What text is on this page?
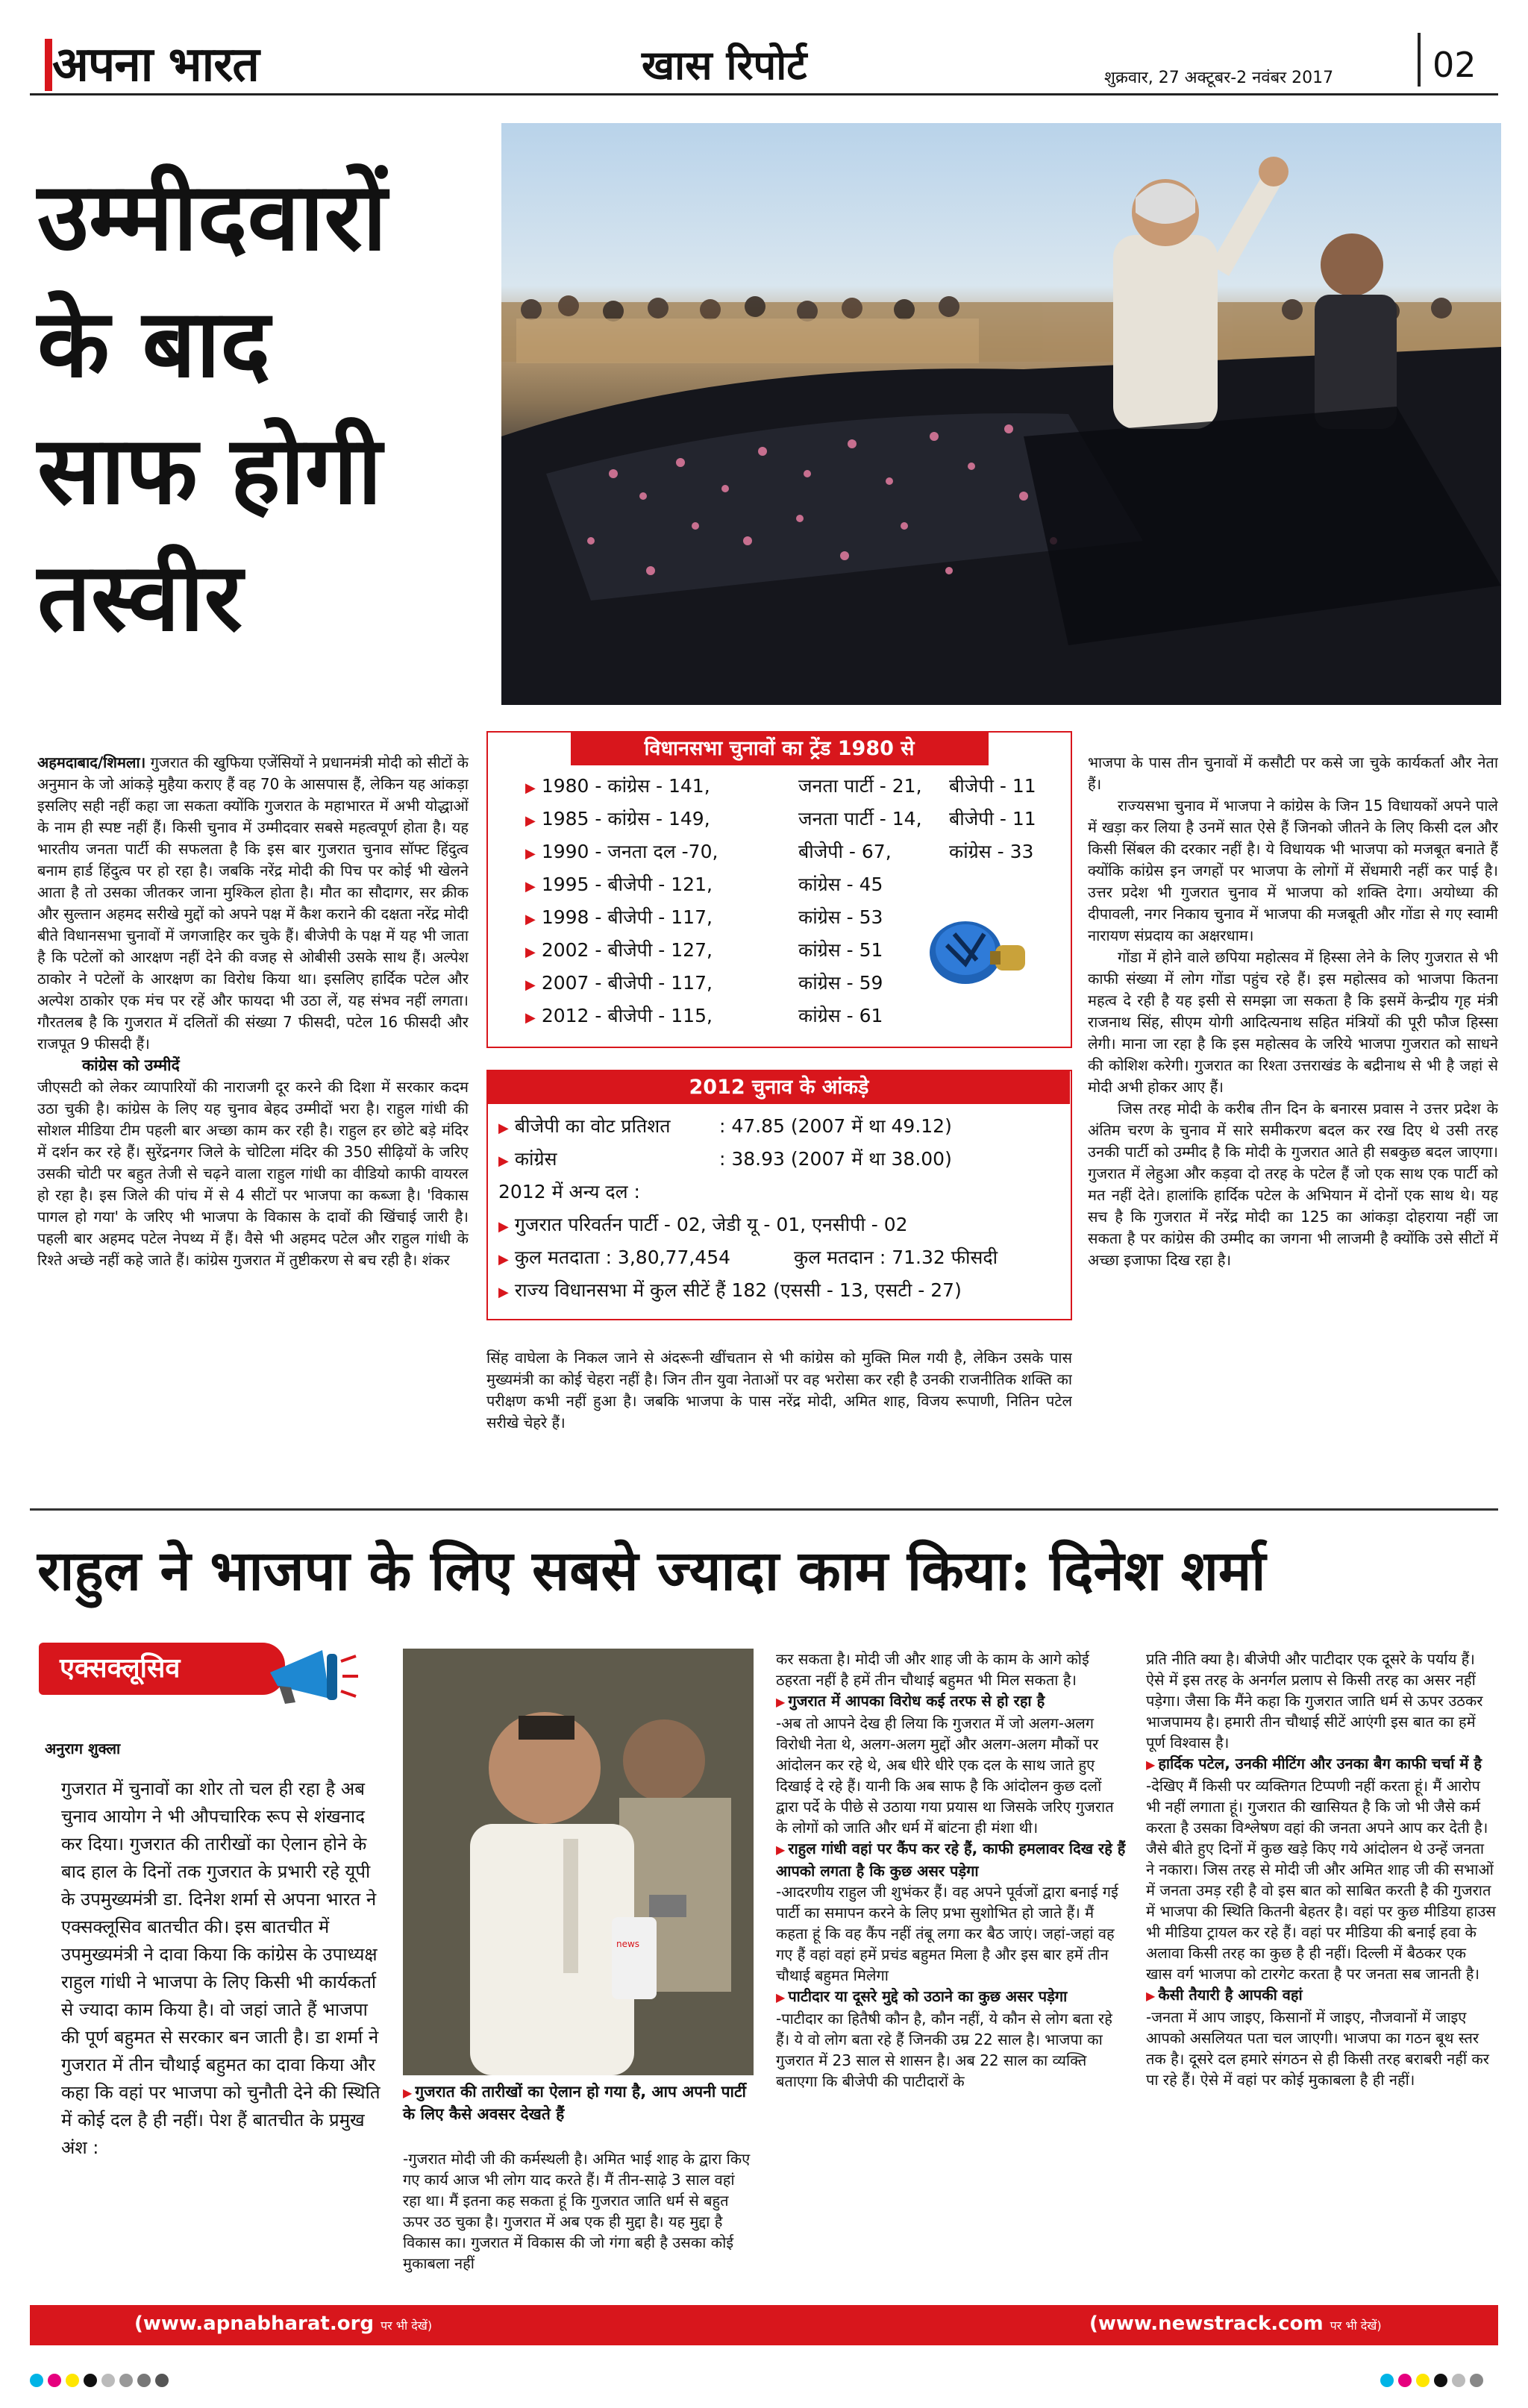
अपना भारत	खास रिपोर्ट	शुक्रवार, 27 अक्टूबर-2 नवंबर 2017	02
उम्मीदवारों
के बाद
साफ होगी
तस्वीर

अहमदाबाद/शिमला। गुजरात की खुफिया एजेंसियों ने प्रधानमंत्री मोदी को सीटों के अनुमान के जो आंकड़े मुहैया कराए हैं वह 70 के आसपास हैं, लेकिन यह आंकड़ा इसलिए सही नहीं कहा जा सकता क्योंकि गुजरात के महाभारत में अभी योद्धाओं के नाम ही स्पष्ट नहीं हैं। किसी चुनाव में उम्मीदवार सबसे महत्वपूर्ण होता है। यह भारतीय जनता पार्टी की सफलता है कि इस बार गुजरात चुनाव सॉफ्ट हिंदुत्व बनाम हार्ड हिंदुत्व पर हो रहा है। जबकि नरेंद्र मोदी की पिच पर कोई भी खेलने आता है तो उसका जीतकर जाना मुश्किल होता है। मौत का सौदागर, सर क्रीक और सुल्तान अहमद सरीखे मुद्दों को अपने पक्ष में कैश कराने की दक्षता नरेंद्र मोदी बीते विधानसभा चुनावों में जगजाहिर कर चुके हैं। बीजेपी के पक्ष में यह भी जाता है कि पटेलों को आरक्षण नहीं देने की वजह से ओबीसी उसके साथ हैं। अल्पेश ठाकोर ने पटेलों के आरक्षण का विरोध किया था। इसलिए हार्दिक पटेल और अल्पेश ठाकोर एक मंच पर रहें और फायदा भी उठा लें, यह संभव नहीं लगता। गौरतलब है कि गुजरात में दलितों की संख्या 7 फीसदी, पटेल 16 फीसदी और राजपूत 9 फीसदी हैं।

कांग्रेस को उम्मीदें

जीएसटी को लेकर व्यापारियों की नाराजगी दूर करने की दिशा में सरकार कदम उठा चुकी है। कांग्रेस के लिए यह चुनाव बेहद उम्मीदों भरा है। राहुल गांधी की सोशल मीडिया टीम पहली बार अच्छा काम कर रही है। राहुल हर छोटे बड़े मंदिर में दर्शन कर रहे हैं। सुरेंद्रनगर जिले के चोटिला मंदिर की 350 सीढ़ियों के जरिए उसकी चोटी पर बहुत तेजी से चढ़ने वाला राहुल गांधी का वीडियो काफी वायरल हो रहा है। इस जिले की पांच में से 4 सीटों पर भाजपा का कब्जा है। 'विकास पागल हो गया' के जरिए भी भाजपा के विकास के दावों की खिंचाई जारी है। पहली बार अहमद पटेल नेपथ्य में हैं। वैसे भी अहमद पटेल और राहुल गांधी के रिश्ते अच्छे नहीं कहे जाते हैं। कांग्रेस गुजरात में तुष्टीकरण से बच रही है। शंकर

विधानसभा चुनावों का ट्रेंड 1980 से
▶ 1980 - कांग्रेस - 141,	जनता पार्टी - 21, बीजेपी - 11
▶ 1985 - कांग्रेस - 149,	जनता पार्टी - 14, बीजेपी - 11
▶ 1990 - जनता दल -70,	बीजेपी - 67,	कांग्रेस - 33
▶ 1995 - बीजेपी - 121,	कांग्रेस - 45
▶ 1998 - बीजेपी - 117,	कांग्रेस - 53
▶ 2002 - बीजेपी - 127,	कांग्रेस - 51
▶ 2007 - बीजेपी - 117,	कांग्रेस - 59
▶ 2012 - बीजेपी - 115,	कांग्रेस - 61
2012 चुनाव के आंकड़े
▶ बीजेपी का वोट प्रतिशत	: 47.85 (2007 में था 49.12)
▶ कांग्रेस	: 38.93 (2007 में था 38.00)
2012 में अन्य दल :
▶ गुजरात परिवर्तन पार्टी - 02, जेडी यू - 01, एनसीपी - 02
▶ कुल मतदाता : 3,80,77,454	कुल मतदान : 71.32 फीसदी
▶ राज्य विधानसभा में कुल सीटें हैं 182 (एससी - 13, एसटी - 27)

सिंह वाघेला के निकल जाने से अंदरूनी खींचतान से भी कांग्रेस को मुक्ति मिल गयी है, लेकिन उसके पास मुख्यमंत्री का कोई चेहरा नहीं है। जिन तीन युवा नेताओं पर वह भरोसा कर रही है उनकी राजनीतिक शक्ति का परीक्षण कभी नहीं हुआ है। जबकि भाजपा के पास नरेंद्र मोदी, अमित शाह, विजय रूपाणी, नितिन पटेल सरीखे चेहरे हैं।

भाजपा के पास तीन चुनावों में कसौटी पर कसे जा चुके कार्यकर्ता और नेता हैं।

राज्यसभा चुनाव में भाजपा ने कांग्रेस के जिन 15 विधायकों अपने पाले में खड़ा कर लिया है उनमें सात ऐसे हैं जिनको जीतने के लिए किसी दल और किसी सिंबल की दरकार नहीं है। ये विधायक भी भाजपा को मजबूत बनाते हैं क्योंकि कांग्रेस इन जगहों पर भाजपा के लोगों में सेंधमारी नहीं कर पाई है। उत्तर प्रदेश भी गुजरात चुनाव में भाजपा को शक्ति देगा। अयोध्या की दीपावली, नगर निकाय चुनाव में भाजपा की मजबूती और गोंडा से गए स्वामी नारायण संप्रदाय का अक्षरधाम।

गोंडा में होने वाले छपिया महोत्सव में हिस्सा लेने के लिए गुजरात से भी काफी संख्या में लोग गोंडा पहुंच रहे हैं। इस महोत्सव को भाजपा कितना महत्व दे रही है यह इसी से समझा जा सकता है कि इसमें केन्द्रीय गृह मंत्री राजनाथ सिंह, सीएम योगी आदित्यनाथ सहित मंत्रियों की पूरी फौज हिस्सा लेगी। माना जा रहा है कि इस महोत्सव के जरिये भाजपा गुजरात को साधने की कोशिश करेगी। गुजरात का रिश्ता उत्तराखंड के बद्रीनाथ से भी है जहां से मोदी अभी होकर आए हैं।

जिस तरह मोदी के करीब तीन दिन के बनारस प्रवास ने उत्तर प्रदेश के अंतिम चरण के चुनाव में सारे समीकरण बदल कर रख दिए थे उसी तरह उनकी पार्टी को उम्मीद है कि मोदी के गुजरात आते ही सबकुछ बदल जाएगा। गुजरात में लेहुआ और कड़वा दो तरह के पटेल हैं जो एक साथ एक पार्टी को मत नहीं देते। हालांकि हार्दिक पटेल के अभियान में दोनों एक साथ थे। यह सच है कि गुजरात में नरेंद्र मोदी का 125 का आंकड़ा दोहराया नहीं जा सकता है पर कांग्रेस की उम्मीद का जगना भी लाजमी है क्योंकि उसे सीटों में अच्छा इजाफा दिख रहा है।

राहुल ने भाजपा के लिए सबसे ज्यादा काम किया: दिनेश शर्मा
एक्सक्लूसिव
अनुराग शुक्ला

गुजरात में चुनावों का शोर तो चल ही रहा है अब चुनाव आयोग ने भी औपचारिक रूप से शंखनाद कर दिया। गुजरात की तारीखों का ऐलान होने के बाद हाल के दिनों तक गुजरात के प्रभारी रहे यूपी के उपमुख्यमंत्री डा. दिनेश शर्मा से अपना भारत ने एक्सक्लूसिव बातचीत की। इस बातचीत में उपमुख्यमंत्री ने दावा किया कि कांग्रेस के उपाध्यक्ष राहुल गांधी ने भाजपा के लिए किसी भी कार्यकर्ता से ज्यादा काम किया है। वो जहां जाते हैं भाजपा की पूर्ण बहुमत से सरकार बन जाती है। डा शर्मा ने गुजरात में तीन चौथाई बहुमत का दावा किया और कहा कि वहां पर भाजपा को चुनौती देने की स्थिति में कोई दल है ही नहीं। पेश हैं बातचीत के प्रमुख अंश :

news
▶ गुजरात की तारीखों का ऐलान हो गया है, आप अपनी पार्टी के लिए कैसे अवसर देखते हैं

-गुजरात मोदी जी की कर्मस्थली है। अमित भाई शाह के द्वारा किए गए कार्य आज भी लोग याद करते हैं। मैं तीन-साढ़े 3 साल वहां रहा था। मैं इतना कह सकता हूं कि गुजरात जाति धर्म से बहुत ऊपर उठ चुका है। गुजरात में अब एक ही मुद्दा है। यह मुद्दा है विकास का। गुजरात में विकास की जो गंगा बही है उसका कोई मुकाबला नहीं

कर सकता है। मोदी जी और शाह जी के काम के आगे कोई ठहरता नहीं है हमें तीन चौथाई बहुमत भी मिल सकता है।

▶ गुजरात में आपका विरोध कई तरफ से हो रहा है

-अब तो आपने देख ही लिया कि गुजरात में जो अलग-अलग विरोधी नेता थे, अलग-अलग मुद्दों और अलग-अलग मौकों पर आंदोलन कर रहे थे, अब धीरे धीरे एक दल के साथ जाते हुए दिखाई दे रहे हैं। यानी कि अब साफ है कि आंदोलन कुछ दलों द्वारा पर्दे के पीछे से उठाया गया प्रयास था जिसके जरिए गुजरात के लोगों को जाति और धर्म में बांटना ही मंशा थी।

▶ राहुल गांधी वहां पर कैंप कर रहे हैं, काफी हमलावर दिख रहे हैं आपको लगता है कि कुछ असर पड़ेगा

-आदरणीय राहुल जी शुभंकर हैं। वह अपने पूर्वजों द्वारा बनाई गई पार्टी का समापन करने के लिए प्रभा सुशोभित हो जाते हैं। मैं कहता हूं कि वह कैंप नहीं तंबू लगा कर बैठ जाएं। जहां-जहां वह गए हैं वहां वहां हमें प्रचंड बहुमत मिला है और इस बार हमें तीन चौथाई बहुमत मिलेगा

▶ पाटीदार या दूसरे मुद्दे को उठाने का कुछ असर पड़ेगा

-पाटीदार का हितैषी कौन है, कौन नहीं, ये कौन से लोग बता रहे हैं। ये वो लोग बता रहे हैं जिनकी उम्र 22 साल है। भाजपा का गुजरात में 23 साल से शासन है। अब 22 साल का व्यक्ति बताएगा कि बीजेपी की पाटीदारों के

प्रति नीति क्या है। बीजेपी और पाटीदार एक दूसरे के पर्याय हैं। ऐसे में इस तरह के अनर्गल प्रलाप से किसी तरह का असर नहीं पड़ेगा। जैसा कि मैंने कहा कि गुजरात जाति धर्म से ऊपर उठकर भाजपामय है। हमारी तीन चौथाई सीटें आएंगी इस बात का हमें पूर्ण विश्वास है।

▶ हार्दिक पटेल, उनकी मीटिंग और उनका बैग काफी चर्चा में है

-देखिए मैं किसी पर व्यक्तिगत टिप्पणी नहीं करता हूं। मैं आरोप भी नहीं लगाता हूं। गुजरात की खासियत है कि जो भी जैसे कर्म करता है उसका विश्लेषण वहां की जनता अपने आप कर देती है। जैसे बीते हुए दिनों में कुछ खड़े किए गये आंदोलन थे उन्हें जनता ने नकारा। जिस तरह से मोदी जी और अमित शाह जी की सभाओं में जनता उमड़ रही है वो इस बात को साबित करती है की गुजरात में भाजपा की स्थिति कितनी बेहतर है। वहां पर कुछ मीडिया हाउस भी मीडिया ट्रायल कर रहे हैं। वहां पर मीडिया की बनाई हवा के अलावा किसी तरह का कुछ है ही नहीं। दिल्ली में बैठकर एक खास वर्ग भाजपा को टारगेट करता है पर जनता सब जानती है।

▶ कैसी तैयारी है आपकी वहां

-जनता में आप जाइए, किसानों में जाइए, नौजवानों में जाइए आपको असलियत पता चल जाएगी। भाजपा का गठन बूथ स्तर तक है। दूसरे दल हमारे संगठन से ही किसी तरह बराबरी नहीं कर पा रहे हैं। ऐसे में वहां पर कोई मुकाबला है ही नहीं।

(www.apnabharat.org पर भी देखें)	(www.newstrack.com पर भी देखें)
